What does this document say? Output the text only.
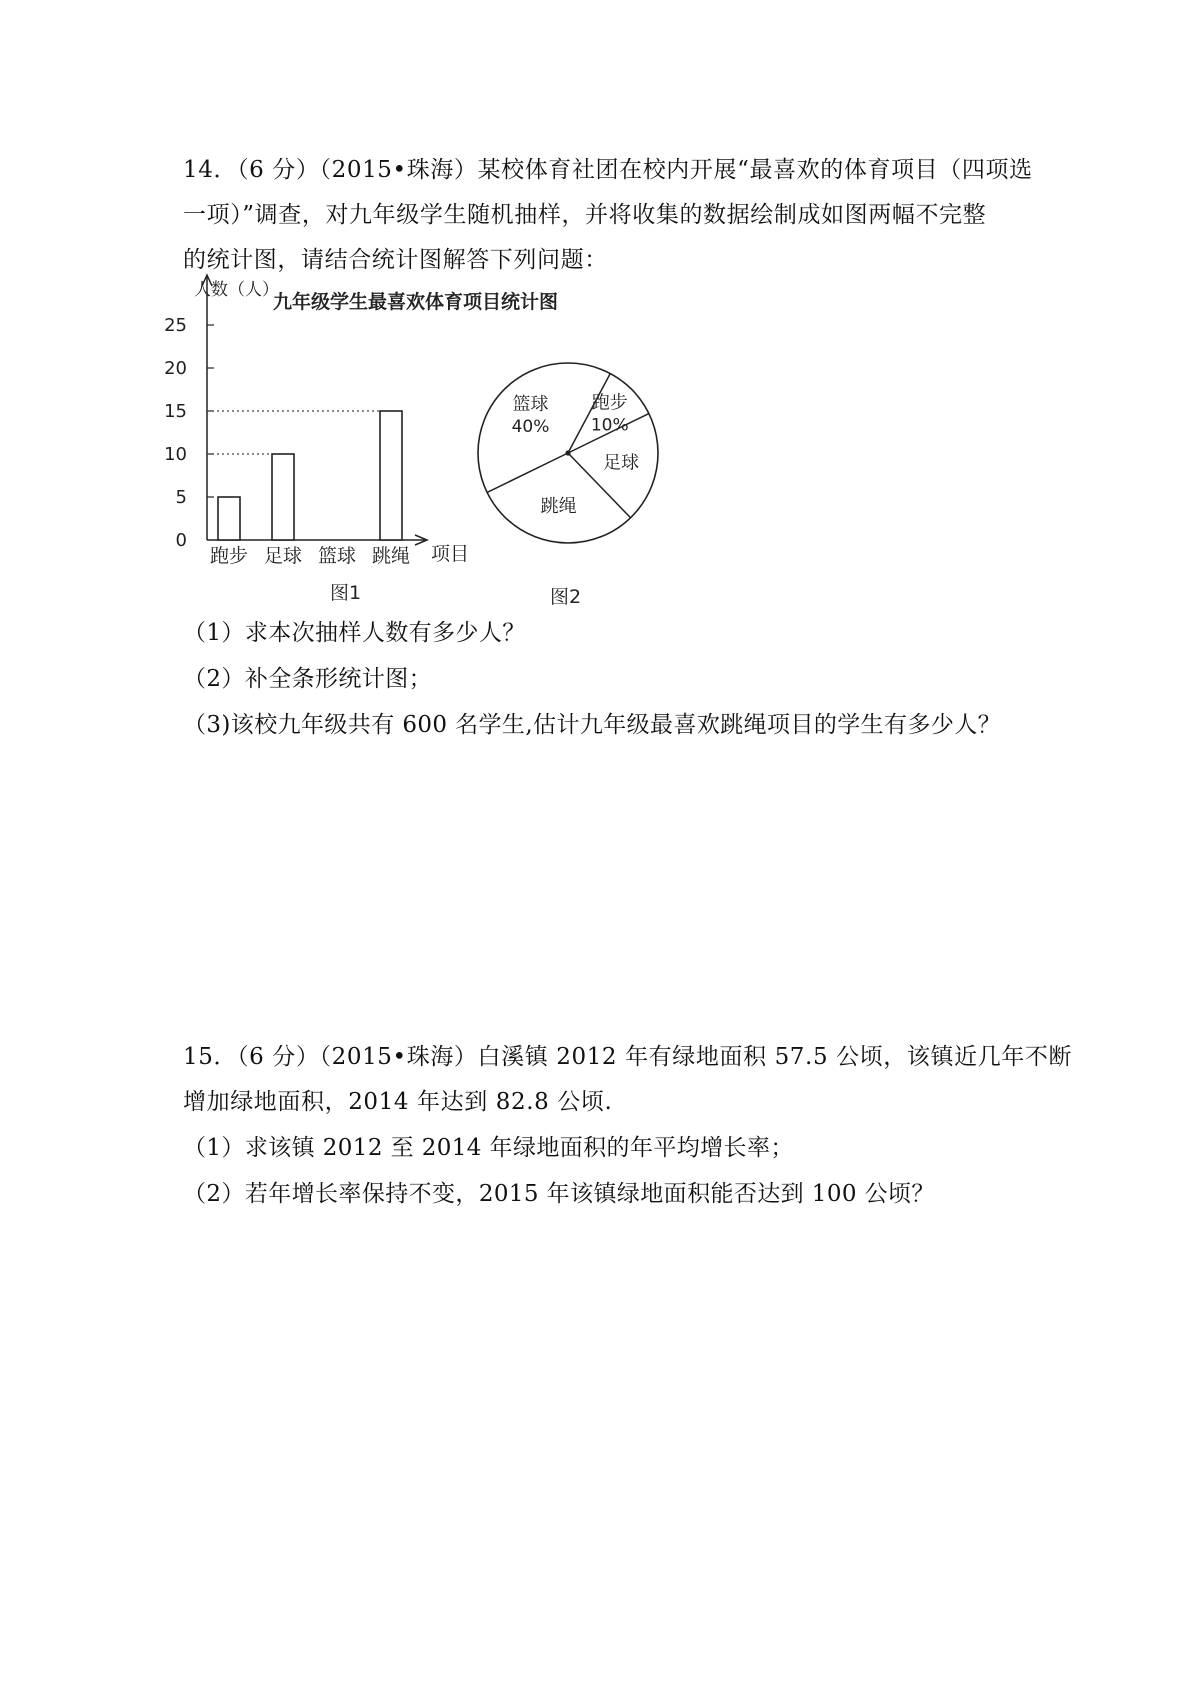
14．（6 分）（2015•珠海）某校体育社团在校内开展“最喜欢的体育项目（四项选
一项）”调查，对九年级学生随机抽样，并将收集的数据绘制成如图两幅不完整
的统计图，请结合统计图解答下列问题：
九年级学生最喜欢体育项目统计图
人数（人）
项目
0
5
10
15
20
25
跑步 足球 篮球 跳绳
图1
跑步
10%
足球
跳绳
篮球
40%
图2
（1）求本次抽样人数有多少人？
（2）补全条形统计图；
（3)该校九年级共有 600 名学生,估计九年级最喜欢跳绳项目的学生有多少人？
15．（6 分）（2015•珠海）白溪镇 2012 年有绿地面积 57.5 公顷，该镇近几年不断
增加绿地面积，2014 年达到 82.8 公顷.
（1）求该镇 2012 至 2014 年绿地面积的年平均增长率；
（2）若年增长率保持不变，2015 年该镇绿地面积能否达到 100 公顷？
